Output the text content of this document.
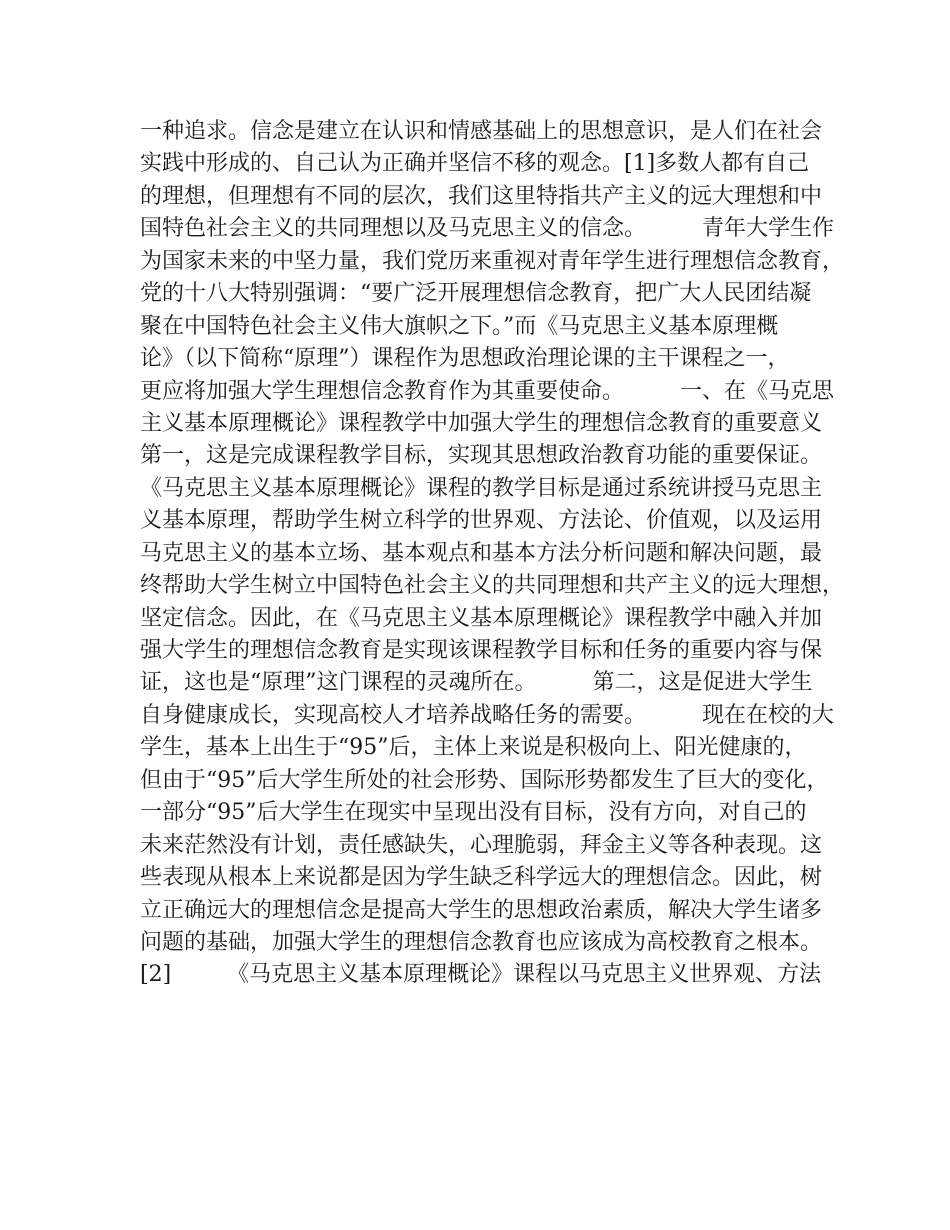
一种追求。信念是建立在认识和情感基础上的思想意识，是人们在社会
实践中形成的、自己认为正确并坚信不移的观念。[1]多数人都有自己
的理想，但理想有不同的层次，我们这里特指共产主义的远大理想和中
国特色社会主义的共同理想以及马克思主义的信念。        青年大学生作
为国家未来的中坚力量，我们党历来重视对青年学生进行理想信念教育，
党的十八大特别强调：“要广泛开展理想信念教育，把广大人民团结凝
聚在中国特色社会主义伟大旗帜之下。”而《马克思主义基本原理概
论》（以下简称“原理”）课程作为思想政治理论课的主干课程之一，
更应将加强大学生理想信念教育作为其重要使命。        一、在《马克思
主义基本原理概论》课程教学中加强大学生的理想信念教育的重要意义
第一，这是完成课程教学目标，实现其思想政治教育功能的重要保证。
《马克思主义基本原理概论》课程的教学目标是通过系统讲授马克思主
义基本原理，帮助学生树立科学的世界观、方法论、价值观，以及运用
马克思主义的基本立场、基本观点和基本方法分析问题和解决问题，最
终帮助大学生树立中国特色社会主义的共同理想和共产主义的远大理想，
坚定信念。因此，在《马克思主义基本原理概论》课程教学中融入并加
强大学生的理想信念教育是实现该课程教学目标和任务的重要内容与保
证，这也是“原理”这门课程的灵魂所在。        第二，这是促进大学生
自身健康成长，实现高校人才培养战略任务的需要。        现在在校的大
学生，基本上出生于“95”后，主体上来说是积极向上、阳光健康的，
但由于“95”后大学生所处的社会形势、国际形势都发生了巨大的变化，
一部分“95”后大学生在现实中呈现出没有目标，没有方向，对自己的
未来茫然没有计划，责任感缺失，心理脆弱，拜金主义等各种表现。这
些表现从根本上来说都是因为学生缺乏科学远大的理想信念。因此，树
立正确远大的理想信念是提高大学生的思想政治素质，解决大学生诸多
问题的基础，加强大学生的理想信念教育也应该成为高校教育之根本。
[2]        《马克思主义基本原理概论》课程以马克思主义世界观、方法
